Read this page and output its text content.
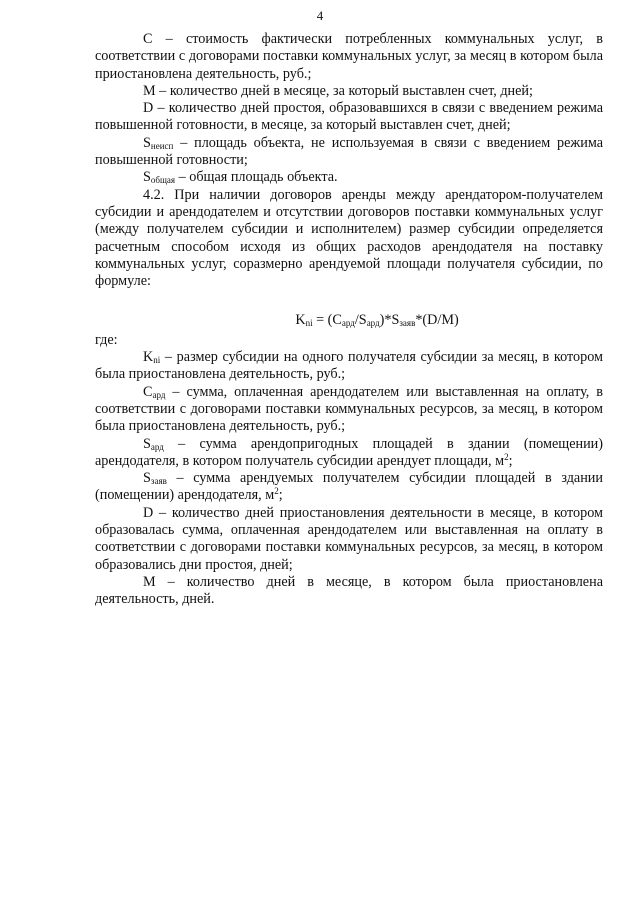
4

C – стоимость фактически потребленных коммунальных услуг, в соответствии с договорами поставки коммунальных услуг, за месяц в котором была приостановлена деятельность, руб.;

M – количество дней в месяце, за который выставлен счет, дней;

D – количество дней простоя, образовавшихся в связи с введением режима повышенной готовности, в месяце, за который выставлен счет, дней;

$S_{неисп}$ – площадь объекта, не используемая в связи с введением режима повышенной готовности;

$S_{общая}$ – общая площадь объекта.

4.2. При наличии договоров аренды между арендатором-получателем субсидии и арендодателем и отсутствии договоров поставки коммунальных услуг (между получателем субсидии и исполнителем) размер субсидии определяется расчетным способом исходя из общих расходов арендодателя на поставку коммунальных услуг, соразмерно арендуемой площади получателя субсидии, по формуле:

$K_{ni} = (C_{ард}/S_{ард})*S_{заяв}*(D/M)$

где:

$K_{ni}$ – размер субсидии на одного получателя субсидии за месяц, в котором была приостановлена деятельность, руб.;

$C_{ард}$ – сумма, оплаченная арендодателем или выставленная на оплату, в соответствии с договорами поставки коммунальных ресурсов, за месяц, в котором была приостановлена деятельность, руб.;

$S_{ард}$ – сумма арендопригодных площадей в здании (помещении) арендодателя, в котором получатель субсидии арендует площади, $м^2$;

$S_{заяв}$ – сумма арендуемых получателем субсидии площадей в здании (помещении) арендодателя, $м^2$;

D – количество дней приостановления деятельности в месяце, в котором образовалась сумма, оплаченная арендодателем или выставленная на оплату в соответствии с договорами поставки коммунальных ресурсов, за месяц, в котором образовались дни простоя, дней;

M – количество дней в месяце, в котором была приостановлена деятельность, дней.
